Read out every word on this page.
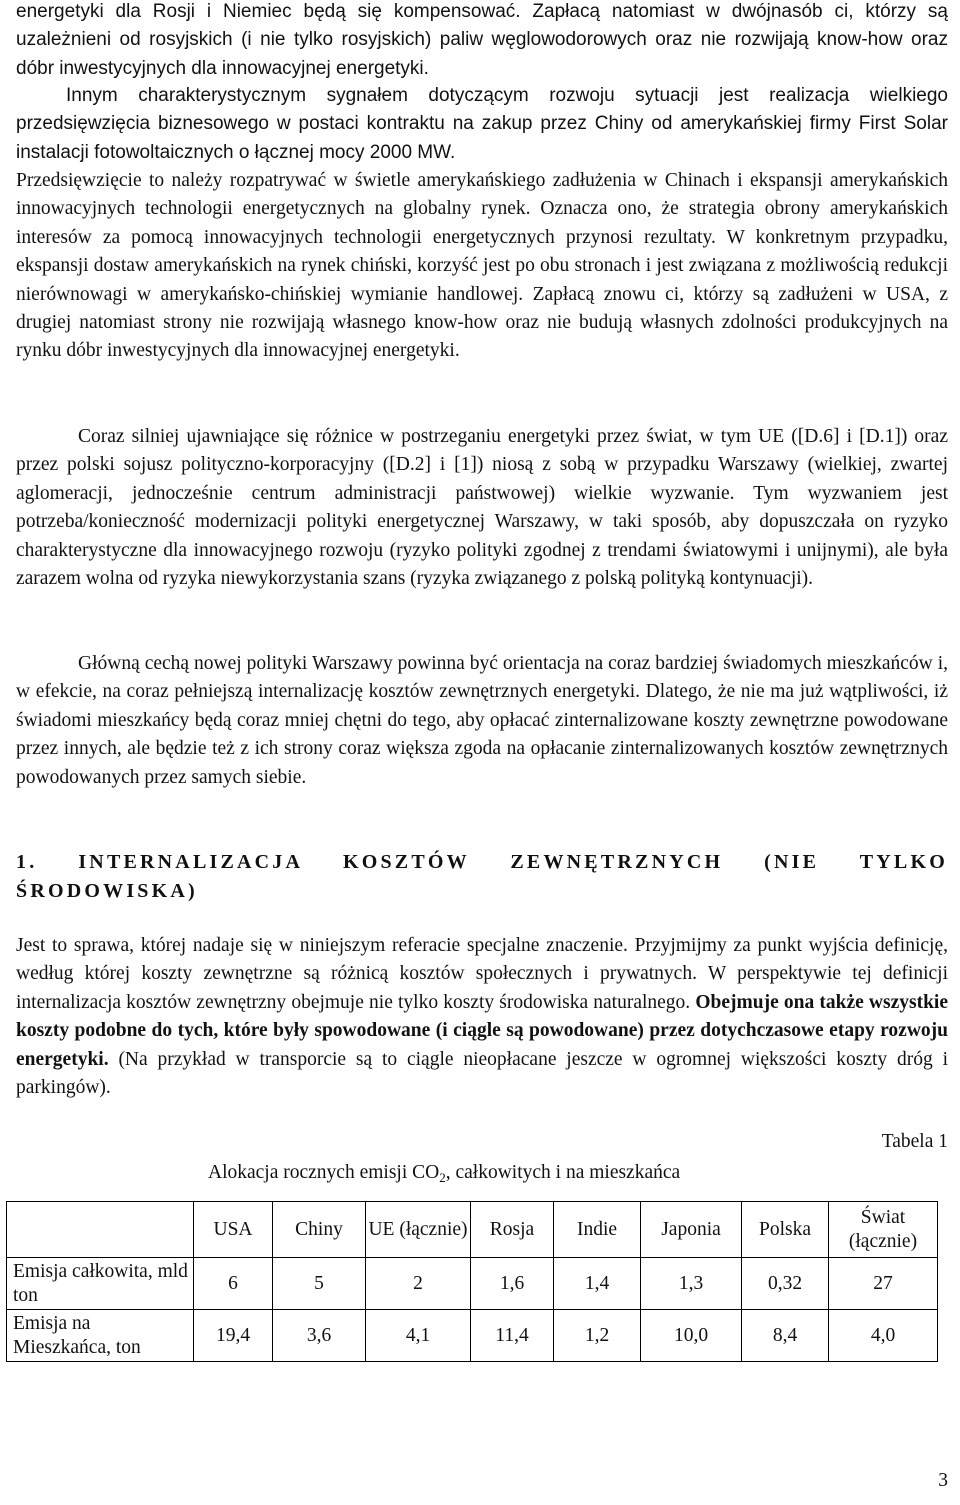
energetyki dla Rosji i Niemiec będą się kompensować. Zapłacą natomiast w dwójnasób ci, którzy są uzależnieni od rosyjskich (i nie tylko rosyjskich) paliw węglowodorowych oraz nie rozwijają know-how oraz dóbr inwestycyjnych dla innowacyjnej energetyki.

Innym charakterystycznym sygnałem dotyczącym rozwoju sytuacji jest realizacja wielkiego przedsięwzięcia biznesowego w postaci kontraktu na zakup przez Chiny od amerykańskiej firmy First Solar instalacji fotowoltaicznych o łącznej mocy 2000 MW.

Przedsięwzięcie to należy rozpatrywać w świetle amerykańskiego zadłużenia w Chinach i ekspansji amerykańskich innowacyjnych technologii energetycznych na globalny rynek. Oznacza ono, że strategia obrony amerykańskich interesów za pomocą innowacyjnych technologii energetycznych przynosi rezultaty. W konkretnym przypadku, ekspansji dostaw amerykańskich na rynek chiński, korzyść jest po obu stronach i jest związana z możliwością redukcji nierównowagi w amerykańsko-chińskiej wymianie handlowej. Zapłacą znowu ci, którzy są zadłużeni w USA, z drugiej natomiast strony nie rozwijają własnego know-how oraz nie budują własnych zdolności produkcyjnych na rynku dóbr inwestycyjnych dla innowacyjnej energetyki.

Coraz silniej ujawniające się różnice w postrzeganiu energetyki przez świat, w tym UE ([D.6] i [D.1]) oraz przez polski sojusz polityczno-korporacyjny ([D.2] i [1]) niosą z sobą w przypadku Warszawy (wielkiej, zwartej aglomeracji, jednocześnie centrum administracji państwowej) wielkie wyzwanie. Tym wyzwaniem jest potrzeba/konieczność modernizacji polityki energetycznej Warszawy, w taki sposób, aby dopuszczała on ryzyko charakterystyczne dla innowacyjnego rozwoju (ryzyko polityki zgodnej z trendami światowymi i unijnymi), ale była zarazem wolna od ryzyka niewykorzystania szans (ryzyka związanego z polską polityką kontynuacji).

Główną cechą nowej polityki Warszawy powinna być orientacja na coraz bardziej świadomych mieszkańców i, w efekcie, na coraz pełniejszą internalizację kosztów zewnętrznych energetyki. Dlatego, że nie ma już wątpliwości, iż świadomi mieszkańcy będą coraz mniej chętni do tego, aby opłacać zinternalizowane koszty zewnętrzne powodowane przez innych, ale będzie też z ich strony coraz większa zgoda na opłacanie zinternalizowanych kosztów zewnętrznych powodowanych przez samych siebie.

1. INTERNALIZACJA KOSZTÓW ZEWNĘTRZNYCH (NIE TYLKO ŚRODOWISKA)

Jest to sprawa, której nadaje się w niniejszym referacie specjalne znaczenie. Przyjmijmy za punkt wyjścia definicję, według której koszty zewnętrzne są różnicą kosztów społecznych i prywatnych. W perspektywie tej definicji internalizacja kosztów zewnętrzny obejmuje nie tylko koszty środowiska naturalnego. Obejmuje ona także wszystkie koszty podobne do tych, które były spowodowane (i ciągle są powodowane) przez dotychczasowe etapy rozwoju energetyki. (Na przykład w transporcie są to ciągle nieopłacane jeszcze w ogromnej większości koszty dróg i parkingów).

Tabela 1
Alokacja rocznych emisji $CO_2$, całkowitych i na mieszkańca
	USA	Chiny	UE (łącznie)	Rosja	Indie	Japonia	Polska	Świat (łącznie)
Emisja całkowita, mld ton	6	5	2	1,6	1,4	1,3	0,32	27
Emisja na Mieszkańca, ton	19,4	3,6	4,1	11,4	1,2	10,0	8,4	4,0
3
